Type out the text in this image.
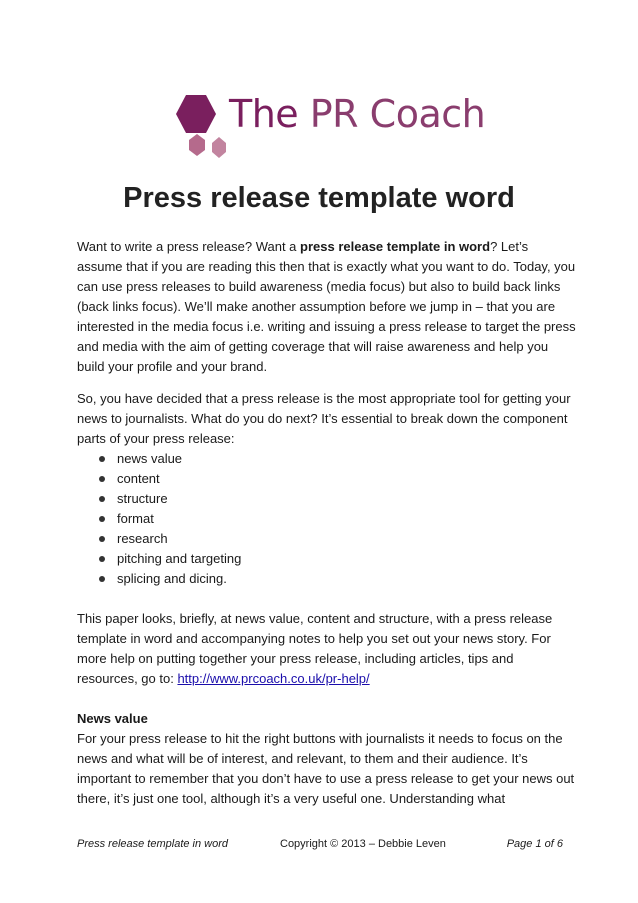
The PR Coach
Press release template word

Want to write a press release? Want a press release template in word? Let’s assume that if you are reading this then that is exactly what you want to do. Today, you can use press releases to build awareness (media focus) but also to build back links (back links focus). We’ll make another assumption before we jump in – that you are interested in the media focus i.e. writing and issuing a press release to target the press and media with the aim of getting coverage that will raise awareness and help you build your profile and your brand.

So, you have decided that a press release is the most appropriate tool for getting your news to journalists. What do you do next? It’s essential to break down the component parts of your press release:

news value
content
structure
format
research
pitching and targeting
splicing and dicing.

This paper looks, briefly, at news value, content and structure, with a press release template in word and accompanying notes to help you set out your news story. For more help on putting together your press release, including articles, tips and resources, go to: http://www.prcoach.co.uk/pr-help/

News value

For your press release to hit the right buttons with journalists it needs to focus on the news and what will be of interest, and relevant, to them and their audience. It’s important to remember that you don’t have to use a press release to get your news out there, it’s just one tool, although it’s a very useful one. Understanding what

Press release template in word	Copyright © 2013 – Debbie Leven	Page 1 of 6
